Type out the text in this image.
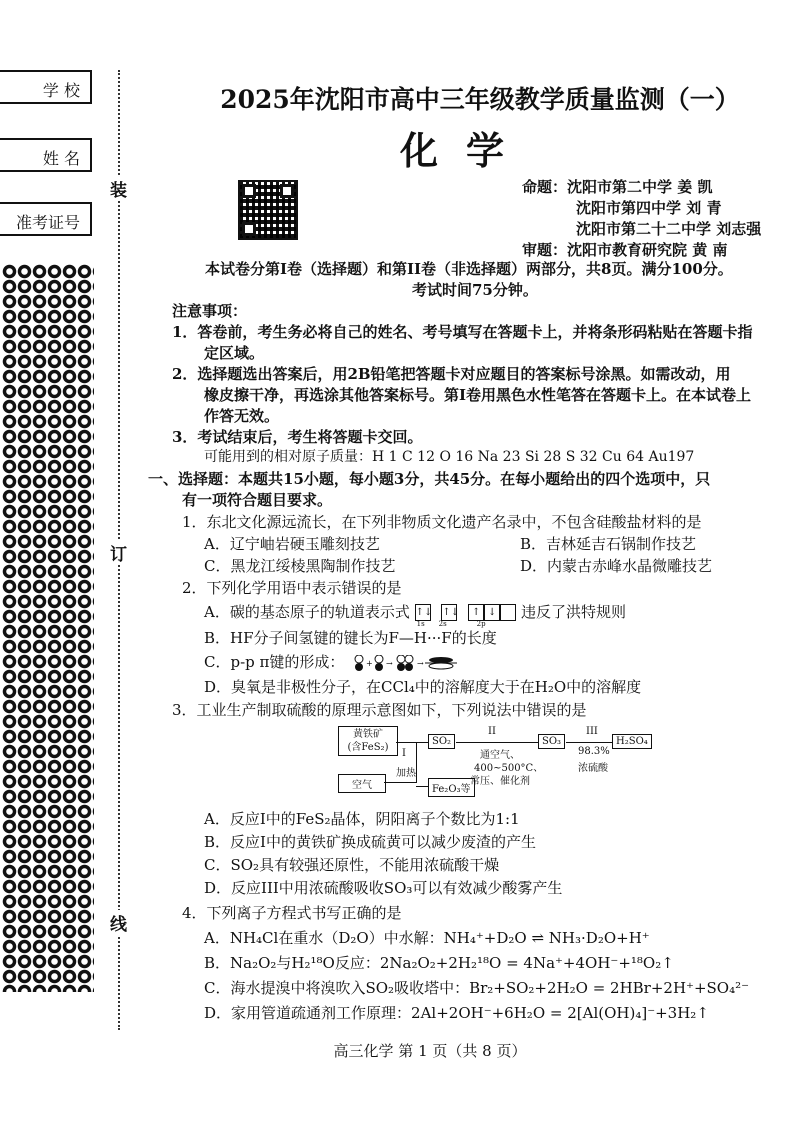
学 校
姓 名
准考证号
装
订
线
2025年沈阳市高中三年级教学质量监测（一）
化学
命题：沈阳市第二中学 姜 凯
沈阳市第四中学 刘 青
沈阳市第二十二中学 刘志强
审题：沈阳市教育研究院 黄 南
本试卷分第I卷（选择题）和第II卷（非选择题）两部分，共8页。满分100分。
考试时间75分钟。
注意事项：
1．答卷前，考生务必将自己的姓名、考号填写在答题卡上，并将条形码粘贴在答题卡指
定区域。
2．选择题选出答案后，用2B铅笔把答题卡对应题目的答案标号涂黑。如需改动，用
橡皮擦干净，再选涂其他答案标号。第I卷用黑色水性笔答在答题卡上。在本试卷上
作答无效。
3．考试结束后，考生将答题卡交回。
可能用到的相对原子质量：H 1 C 12 O 16 Na 23 Si 28 S 32 Cu 64 Au197
一、选择题：本题共15小题，每小题3分，共45分。在每小题给出的四个选项中，只
有一项符合题目要求。
1．东北文化源远流长，在下列非物质文化遗产名录中，不包含硅酸盐材料的是
A．辽宁岫岩硬玉雕刻技艺	B．吉林延吉石锅制作技艺
C．黑龙江绥棱黑陶制作技艺	D．内蒙古赤峰水晶微雕技艺
2．下列化学用语中表示错误的是
A．碳的基态原子的轨道表示式 ↑↓ ↑↓ ↑ ↓
1s 2s	2p
违反了洪特规则
B．HF分子间氢键的键长为F—H···F的长度
C．p-p π键的形成：	+ →	→
D．臭氧是非极性分子，在CCl₄中的溶解度大于在H₂O中的溶解度
3．工业生产制取硫酸的原理示意图如下，下列说法中错误的是
黄铁矿
(含FeS₂)
空气
I
加热
SO₂
Fe₂O₃等
II
通空气、
400~500°C、
常压、催化剂
SO₃
III
98.3%
浓硫酸
H₂SO₄
A．反应I中的FeS₂晶体，阴阳离子个数比为1:1
B．反应I中的黄铁矿换成硫黄可以减少废渣的产生
C．SO₂具有较强还原性，不能用浓硫酸干燥
D．反应III中用浓硫酸吸收SO₃可以有效减少酸雾产生
4．下列离子方程式书写正确的是
A．NH₄Cl在重水（D₂O）中水解：NH₄⁺+D₂O ⇌ NH₃·D₂O+H⁺
B．Na₂O₂与H₂¹⁸O反应：2Na₂O₂+2H₂¹⁸O = 4Na⁺+4OH⁻+¹⁸O₂↑
C．海水提溴中将溴吹入SO₂吸收塔中：Br₂+SO₂+2H₂O = 2HBr+2H⁺+SO₄²⁻
D．家用管道疏通剂工作原理：2Al+2OH⁻+6H₂O = 2[Al(OH)₄]⁻+3H₂↑
高三化学 第 1 页（共 8 页）
